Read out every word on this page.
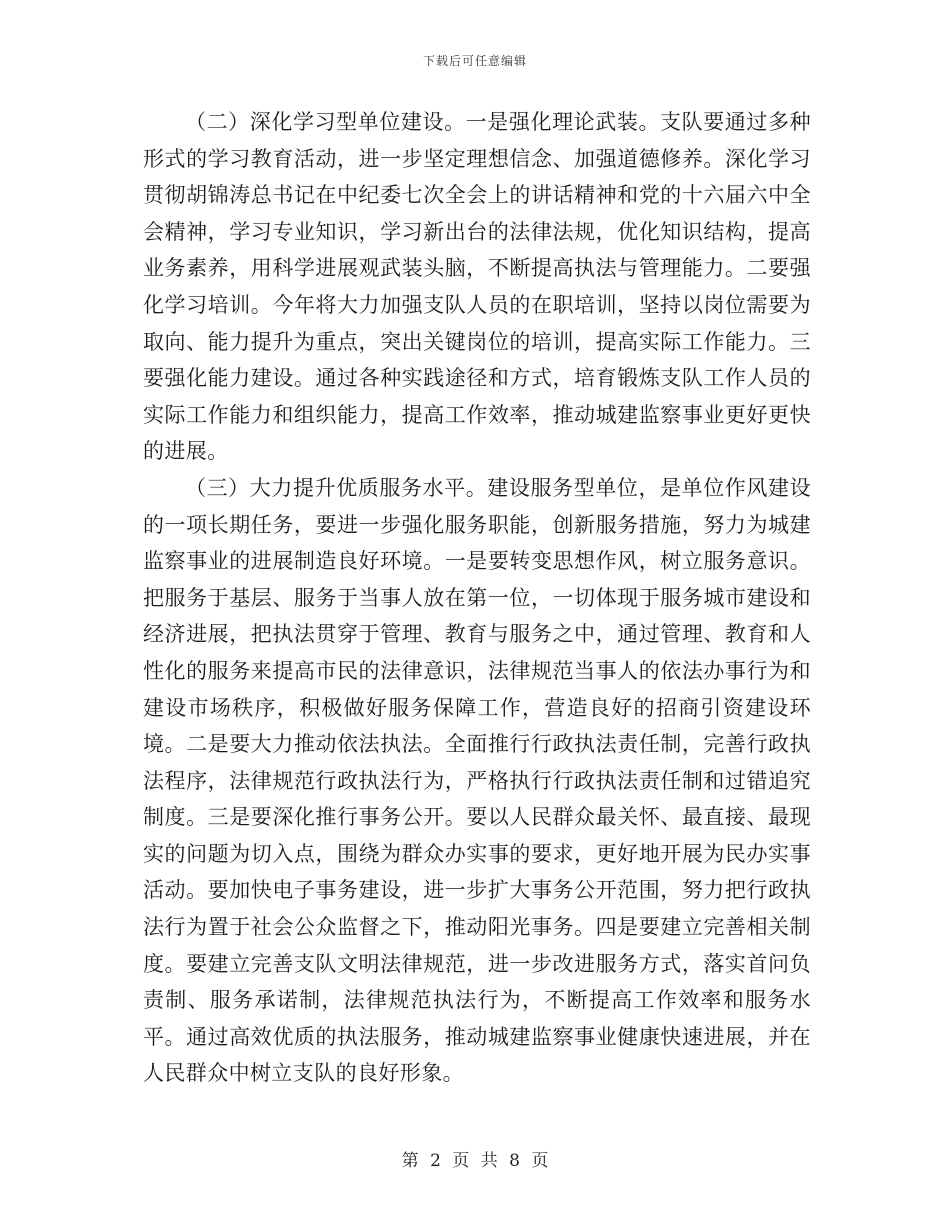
下载后可任意编辑

（二）深化学习型单位建设。一是强化理论武装。支队要通过多种形式的学习教育活动，进一步坚定理想信念、加强道德修养。深化学习贯彻胡锦涛总书记在中纪委七次全会上的讲话精神和党的十六届六中全会精神，学习专业知识，学习新出台的法律法规，优化知识结构，提高业务素养，用科学进展观武装头脑，不断提高执法与管理能力。二要强化学习培训。今年将大力加强支队人员的在职培训，坚持以岗位需要为取向、能力提升为重点，突出关键岗位的培训，提高实际工作能力。三要强化能力建设。通过各种实践途径和方式，培育锻炼支队工作人员的实际工作能力和组织能力，提高工作效率，推动城建监察事业更好更快的进展。

（三）大力提升优质服务水平。建设服务型单位，是单位作风建设的一项长期任务，要进一步强化服务职能，创新服务措施，努力为城建监察事业的进展制造良好环境。一是要转变思想作风，树立服务意识。把服务于基层、服务于当事人放在第一位，一切体现于服务城市建设和经济进展，把执法贯穿于管理、教育与服务之中，通过管理、教育和人性化的服务来提高市民的法律意识，法律规范当事人的依法办事行为和建设市场秩序，积极做好服务保障工作，营造良好的招商引资建设环境。二是要大力推动依法执法。全面推行行政执法责任制，完善行政执法程序，法律规范行政执法行为，严格执行行政执法责任制和过错追究制度。三是要深化推行事务公开。要以人民群众最关怀、最直接、最现实的问题为切入点，围绕为群众办实事的要求，更好地开展为民办实事活动。要加快电子事务建设，进一步扩大事务公开范围，努力把行政执法行为置于社会公众监督之下，推动阳光事务。四是要建立完善相关制度。要建立完善支队文明法律规范，进一步改进服务方式，落实首问负责制、服务承诺制，法律规范执法行为，不断提高工作效率和服务水平。通过高效优质的执法服务，推动城建监察事业健康快速进展，并在人民群众中树立支队的良好形象。

第 2 页 共 8 页
